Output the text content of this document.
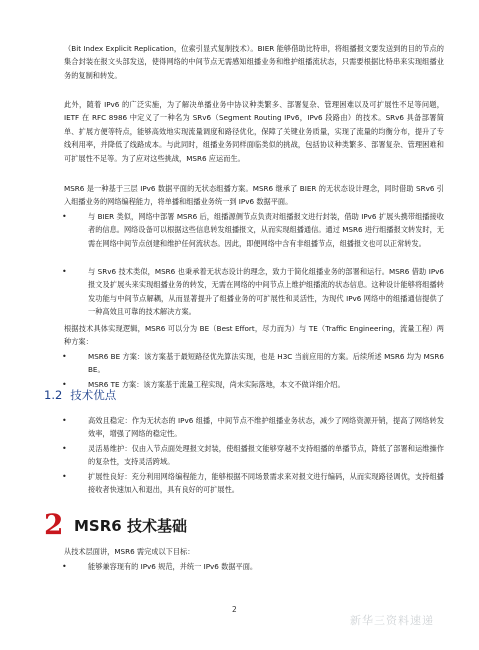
（Bit Index Explicit Replication，位索引显式复制技术）。BIER 能够借助比特串，将组播报文要发送到的目的节点的集合封装在报文头部发送，使得网络的中间节点无需感知组播业务和维护组播流状态，只需要根据比特串来实现组播业务的复制和转发。

此外，随着 IPv6 的广泛实施，为了解决单播业务中协议种类繁多、部署复杂、管理困难以及可扩展性不足等问题，IETF 在 RFC 8986 中定义了一种名为 SRv6（Segment Routing IPv6，IPv6 段路由）的技术。SRv6 具备部署简单、扩展方便等特点，能够高效地实现流量调度和路径优化，保障了关键业务质量，实现了流量的均衡分布，提升了专线利用率，并降低了线路成本。与此同时，组播业务同样面临类似的挑战，包括协议种类繁多、部署复杂、管理困难和可扩展性不足等。为了应对这些挑战，MSR6 应运而生。

MSR6 是一种基于三层 IPv6 数据平面的无状态组播方案。MSR6 继承了 BIER 的无状态设计理念，同时借助 SRv6 引入组播业务的网络编程能力，将单播和组播业务统一到 IPv6 数据平面。

•	与 BIER 类似，网络中部署 MSR6 后，组播源侧节点负责对组播报文进行封装，借助 IPv6 扩展头携带组播接收者的信息。网络设备可以根据这些信息转发组播报文，从而实现组播通信。通过 MSR6 进行组播报文转发时，无需在网络中间节点创建和维护任何流状态。因此，即便网络中含有非组播节点，组播报文也可以正常转发。

•	与 SRv6 技术类似，MSR6 也秉承着无状态设计的理念，致力于简化组播业务的部署和运行。MSR6 借助 IPv6 报文及扩展头来实现组播业务的转发，无需在网络的中间节点上维护组播流的状态信息。这种设计能够将组播转发功能与中间节点解耦，从而显著提升了组播业务的可扩展性和灵活性，为现代 IPv6 网络中的组播通信提供了一种高效且可靠的技术解决方案。

根据技术具体实现逻辑，MSR6 可以分为 BE（Best Effort，尽力而为）与 TE（Traffic Engineering，流量工程）两种方案：

•	MSR6 BE 方案：该方案基于最短路径优先算法实现，也是 H3C 当前应用的方案。后续所述 MSR6 均为 MSR6 BE。

•	MSR6 TE 方案：该方案基于流量工程实现，尚未实际落地，本文不做详细介绍。

1.2 技术优点
•	高效且稳定：作为无状态的 IPv6 组播，中间节点不维护组播业务状态，减少了网络资源开销，提高了网络转发效率，增强了网络的稳定性。

•	灵活易维护：仅由入节点面处理报文封装，使组播报文能够穿越不支持组播的单播节点，降低了部署和运维操作的复杂性，支持灵活跨域。

•	扩展性良好：充分利用网络编程能力，能够根据不同场景需求来对报文进行编码，从而实现路径调优，支持组播接收者快速加入和退出，具有良好的可扩展性。

2 MSR6 技术基础

从技术层面讲，MSR6 需完成以下目标：

•	能够兼容现有的 IPv6 规范，并统一 IPv6 数据平面。

2
新华三资料速递
